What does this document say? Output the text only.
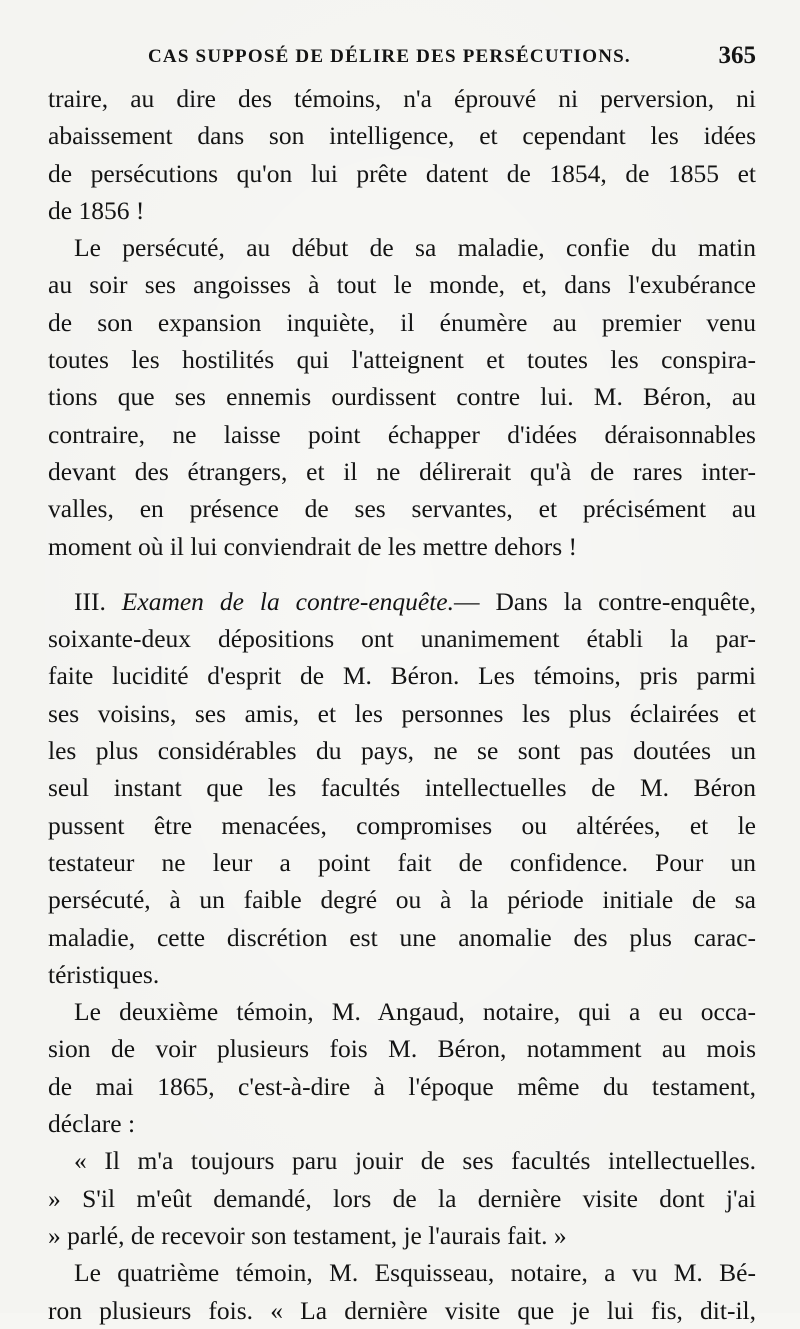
CAS SUPPOSÉ DE DÉLIRE DES PERSÉCUTIONS.	365
traire, au dire des témoins, n'a éprouvé ni perversion, ni
abaissement dans son intelligence, et cependant les idées
de persécutions qu'on lui prête datent de 1854, de 1855 et
de 1856 !
Le persécuté, au début de sa maladie, confie du matin
au soir ses angoisses à tout le monde, et, dans l'exubérance
de son expansion inquiète, il énumère au premier venu
toutes les hostilités qui l'atteignent et toutes les conspira-
tions que ses ennemis ourdissent contre lui. M. Béron, au
contraire, ne laisse point échapper d'idées déraisonnables
devant des étrangers, et il ne délirerait qu'à de rares inter-
valles, en présence de ses servantes, et précisément au
moment où il lui conviendrait de les mettre dehors !
III. Examen de la contre-enquête.— Dans la contre-enquête,
soixante-deux dépositions ont unanimement établi la par-
faite lucidité d'esprit de M. Béron. Les témoins, pris parmi
ses voisins, ses amis, et les personnes les plus éclairées et
les plus considérables du pays, ne se sont pas doutées un
seul instant que les facultés intellectuelles de M. Béron
pussent être menacées, compromises ou altérées, et le
testateur ne leur a point fait de confidence. Pour un
persécuté, à un faible degré ou à la période initiale de sa
maladie, cette discrétion est une anomalie des plus carac-
téristiques.
Le deuxième témoin, M. Angaud, notaire, qui a eu occa-
sion de voir plusieurs fois M. Béron, notamment au mois
de mai 1865, c'est-à-dire à l'époque même du testament,
déclare :
« Il m'a toujours paru jouir de ses facultés intellectuelles.
» S'il m'eût demandé, lors de la dernière visite dont j'ai
» parlé, de recevoir son testament, je l'aurais fait. »
Le quatrième témoin, M. Esquisseau, notaire, a vu M. Bé-
ron plusieurs fois. « La dernière visite que je lui fis, dit-il,
